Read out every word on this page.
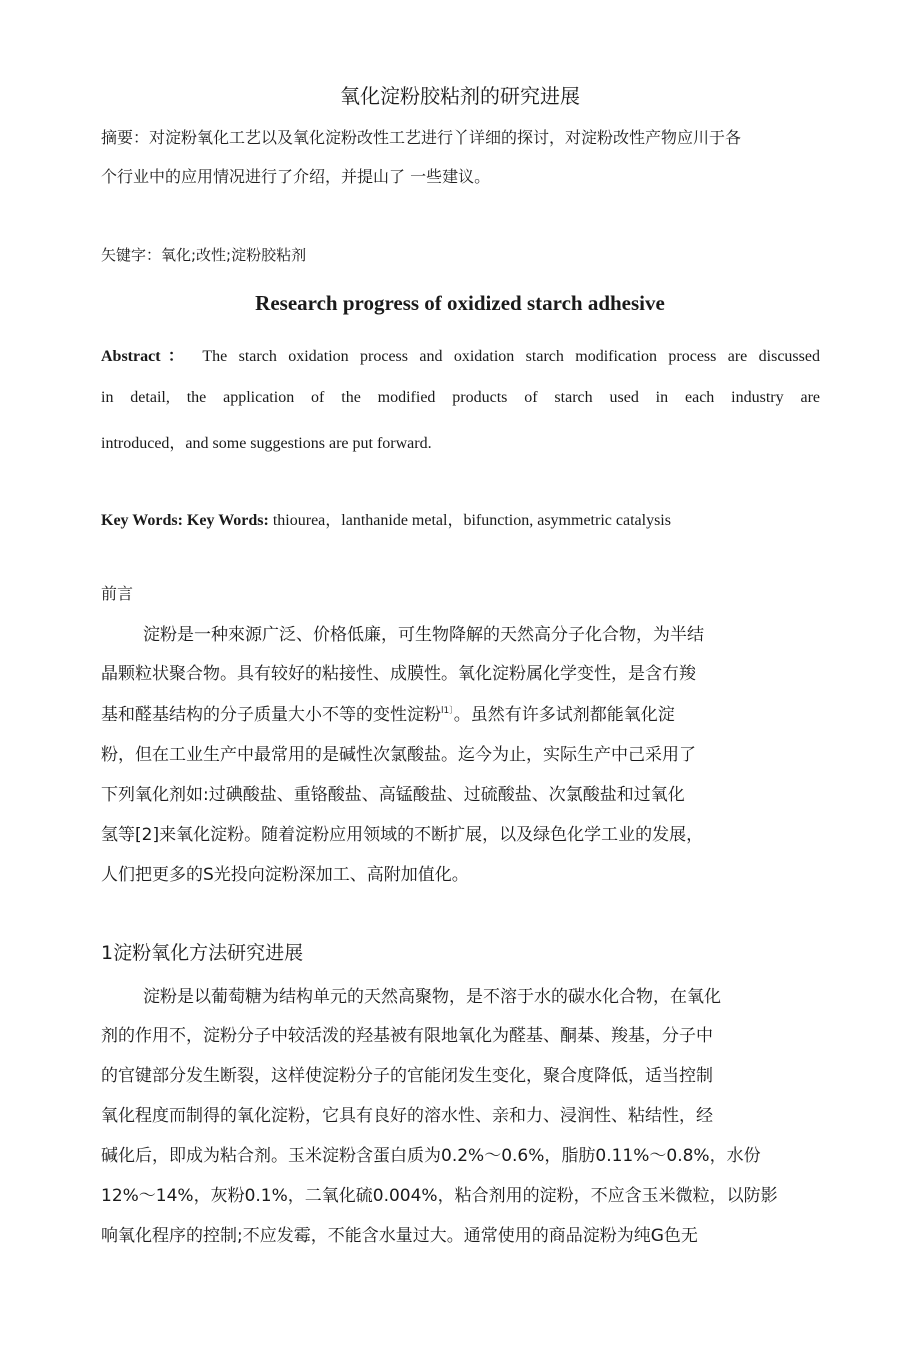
氧化淀粉胶粘剂的研究进展
摘要：对淀粉氧化工艺以及氧化淀粉改性工艺进行丫详细的探讨，对淀粉改性产物应川于各
个行业中的应用情况进行了介绍，并提山了 一些建议。
矢键字：氧化;改性;淀粉胶粘剂
Research progress of oxidized starch adhesive
Abstract： The starch oxidation process and oxidation starch modification process are discussed
in detail, the application of the modified products of starch used in each industry are
introduced，and some suggestions are put forward.
Key Words: Key Words: thiourea，lanthanide metal，bifunction, asymmetric catalysis
前言
淀粉是一种來源广泛、价格低廉，可生物降解的天然高分子化合物，为半结
晶颗粒状聚合物。具有较好的粘接性、成膜性。氧化淀粉属化学变性，是含冇羧
基和醛基结构的分子质量大小不等的变性淀粉$^{l1〕}$。虽然有许多试剂都能氧化淀
粉，但在工业生产中最常用的是碱性次氯酸盐。迄今为止，实际生产中己采用了
下列氧化剂如:过碘酸盐、重铬酸盐、高锰酸盐、过硫酸盐、次氯酸盐和过氧化
氢等[2]来氧化淀粉。随着淀粉应用领域的不断扩展，以及绿色化学工业的发展，
人们把更多的S光投向淀粉深加工、高附加值化。
1淀粉氧化方法研究进展
淀粉是以葡萄糖为结构单元的天然高聚物，是不溶于水的碳水化合物，在氧化
剂的作用不，淀粉分子中较活泼的羟基被有限地氧化为醛基、酮棊、羧基，分子中
的官键部分发生断裂，这样使淀粉分子的官能闭发生变化，聚合度降低，适当控制
氧化程度而制得的氧化淀粉，它具有良好的溶水性、亲和力、浸润性、粘结性，经
碱化后，即成为粘合剂。玉米淀粉含蛋白质为0.2%～0.6%，脂肪0.11%～0.8%，水份
12%～14%，灰粉0.1%，二氧化硫0.004%，粘合剂用的淀粉，不应含玉米微粒，以防影
响氧化程序的控制;不应发霉，不能含水量过大。通常使用的商品淀粉为纯G色无
